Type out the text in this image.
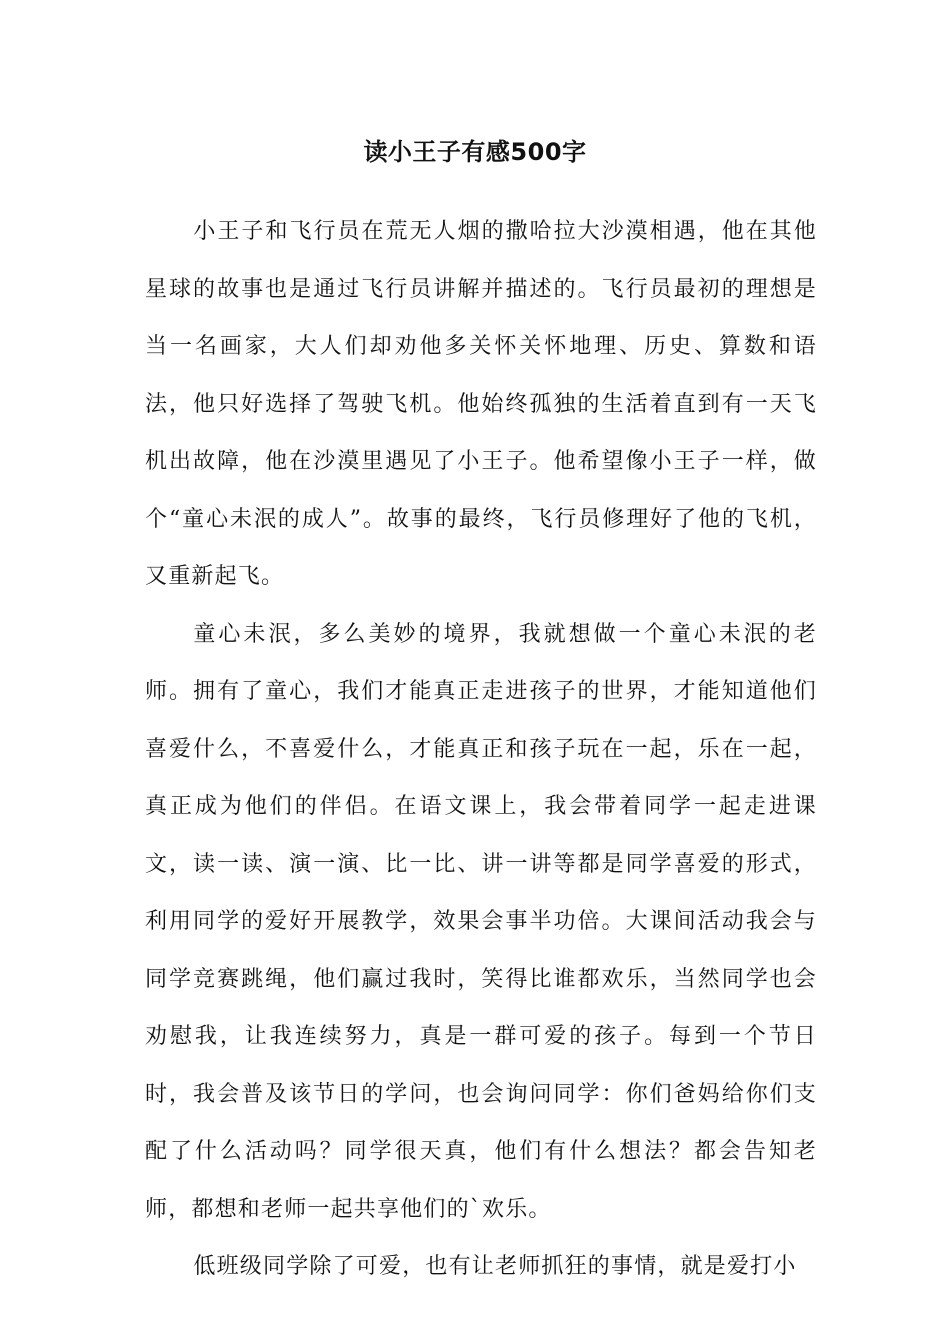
读小王子有感500字

小王子和飞行员在荒无人烟的撒哈拉大沙漠相遇，他在其他星球的故事也是通过飞行员讲解并描述的。飞行员最初的理想是当一名画家，大人们却劝他多关怀关怀地理、历史、算数和语法，他只好选择了驾驶飞机。他始终孤独的生活着直到有一天飞机出故障，他在沙漠里遇见了小王子。他希望像小王子一样，做个“童心未泯的成人”。故事的最终，飞行员修理好了他的飞机，又重新起飞。

童心未泯，多么美妙的境界，我就想做一个童心未泯的老师。拥有了童心，我们才能真正走进孩子的世界，才能知道他们喜爱什么，不喜爱什么，才能真正和孩子玩在一起，乐在一起，真正成为他们的伴侣。在语文课上，我会带着同学一起走进课文，读一读、演一演、比一比、讲一讲等都是同学喜爱的形式，利用同学的爱好开展教学，效果会事半功倍。大课间活动我会与同学竞赛跳绳，他们赢过我时，笑得比谁都欢乐，当然同学也会劝慰我，让我连续努力，真是一群可爱的孩子。每到一个节日时，我会普及该节日的学问，也会询问同学：你们爸妈给你们支配了什么活动吗？同学很天真，他们有什么想法？都会告知老师，都想和老师一起共享他们的`欢乐。

低班级同学除了可爱，也有让老师抓狂的事情，就是爱打小
